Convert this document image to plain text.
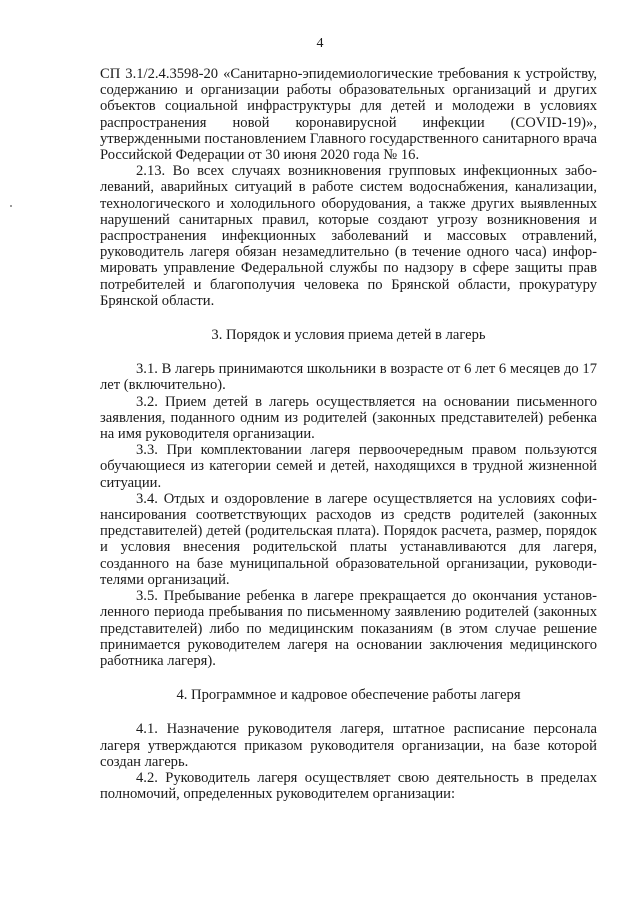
4

СП 3.1/2.4.3598-20 «Санитарно-эпидемиологические требования к устройству, содержанию и организации работы образовательных организаций и других объектов социальной инфраструктуры для детей и молодежи в условиях распространения новой коронавирусной инфекции (COVID-19)», утвержденными постановлением Главного государственного санитарного врача Российской Федерации от 30 июня 2020 года № 16.

2.13. Во всех случаях возникновения групповых инфекционных заболеваний, аварийных ситуаций в работе систем водоснабжения, канализации, технологического и холодильного оборудования, а также других выявленных нарушений санитарных правил, которые создают угрозу возникновения и распространения инфекционных заболеваний и массовых отравлений, руководитель лагеря обязан незамедлительно (в течение одного часа) информировать управление Федеральной службы по надзору в сфере защиты прав потребителей и благополучия человека по Брянской области, прокуратуру Брянской области.

3. Порядок и условия приема детей в лагерь

3.1. В лагерь принимаются школьники в возрасте от 6 лет 6 месяцев до 17 лет (включительно).

3.2. Прием детей в лагерь осуществляется на основании письменного заявления, поданного одним из родителей (законных представителей) ребенка на имя руководителя организации.

3.3. При комплектовании лагеря первоочередным правом пользуются обучающиеся из категории семей и детей, находящихся в трудной жизненной ситуации.

3.4. Отдых и оздоровление в лагере осуществляется на условиях софинансирования соответствующих расходов из средств родителей (законных представителей) детей (родительская плата). Порядок расчета, размер, порядок и условия внесения родительской платы устанавливаются для лагеря, созданного на базе муниципальной образовательной организации, руководителями организаций.

3.5. Пребывание ребенка в лагере прекращается до окончания установленного периода пребывания по письменному заявлению родителей (законных представителей) либо по медицинским показаниям (в этом случае решение принимается руководителем лагеря на основании заключения медицинского работника лагеря).

4. Программное и кадровое обеспечение работы лагеря

4.1. Назначение руководителя лагеря, штатное расписание персонала лагеря утверждаются приказом руководителя организации, на базе которой создан лагерь.

4.2. Руководитель лагеря осуществляет свою деятельность в пределах полномочий, определенных руководителем организации:
